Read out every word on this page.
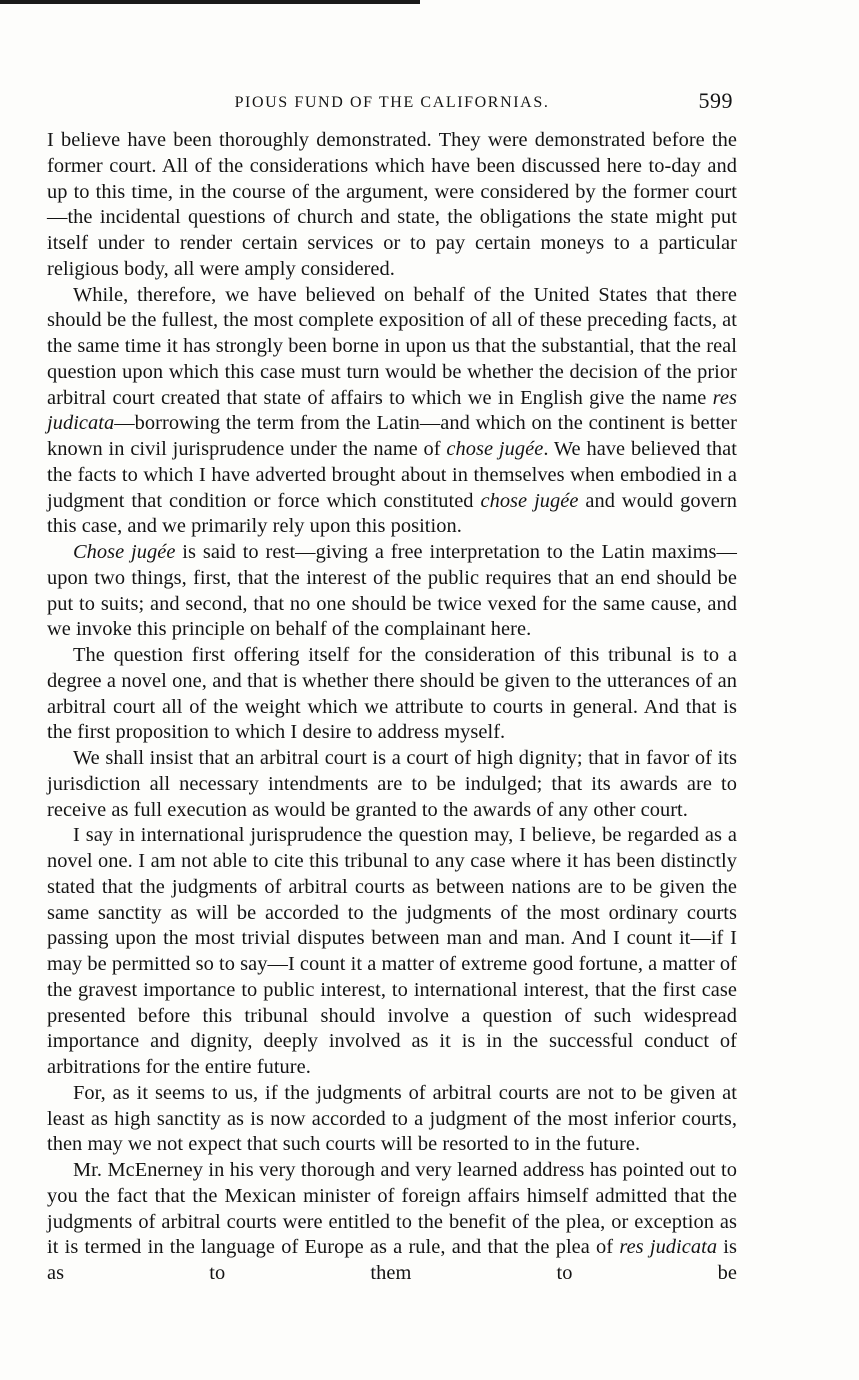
PIOUS FUND OF THE CALIFORNIAS.	599

I believe have been thoroughly demonstrated. They were demonstrated before the former court. All of the considerations which have been discussed here to-day and up to this time, in the course of the argument, were considered by the former court—the incidental questions of church and state, the obligations the state might put itself under to render certain services or to pay certain moneys to a particular religious body, all were amply considered.

While, therefore, we have believed on behalf of the United States that there should be the fullest, the most complete exposition of all of these preceding facts, at the same time it has strongly been borne in upon us that the substantial, that the real question upon which this case must turn would be whether the decision of the prior arbitral court created that state of affairs to which we in English give the name res judicata—borrowing the term from the Latin—and which on the continent is better known in civil jurisprudence under the name of chose jugée. We have believed that the facts to which I have adverted brought about in themselves when embodied in a judgment that condition or force which constituted chose jugée and would govern this case, and we primarily rely upon this position.

Chose jugée is said to rest—giving a free interpretation to the Latin maxims—upon two things, first, that the interest of the public requires that an end should be put to suits; and second, that no one should be twice vexed for the same cause, and we invoke this principle on behalf of the complainant here.

The question first offering itself for the consideration of this tribunal is to a degree a novel one, and that is whether there should be given to the utterances of an arbitral court all of the weight which we attribute to courts in general. And that is the first proposition to which I desire to address myself.

We shall insist that an arbitral court is a court of high dignity; that in favor of its jurisdiction all necessary intendments are to be indulged; that its awards are to receive as full execution as would be granted to the awards of any other court.

I say in international jurisprudence the question may, I believe, be regarded as a novel one. I am not able to cite this tribunal to any case where it has been distinctly stated that the judgments of arbitral courts as between nations are to be given the same sanctity as will be accorded to the judgments of the most ordinary courts passing upon the most trivial disputes between man and man. And I count it—if I may be permitted so to say—I count it a matter of extreme good fortune, a matter of the gravest importance to public interest, to international interest, that the first case presented before this tribunal should involve a question of such widespread importance and dignity, deeply involved as it is in the successful conduct of arbitrations for the entire future.

For, as it seems to us, if the judgments of arbitral courts are not to be given at least as high sanctity as is now accorded to a judgment of the most inferior courts, then may we not expect that such courts will be resorted to in the future.

Mr. McEnerney in his very thorough and very learned address has pointed out to you the fact that the Mexican minister of foreign affairs himself admitted that the judgments of arbitral courts were entitled to the benefit of the plea, or exception as it is termed in the language of Europe as a rule, and that the plea of res judicata is as to them to be
